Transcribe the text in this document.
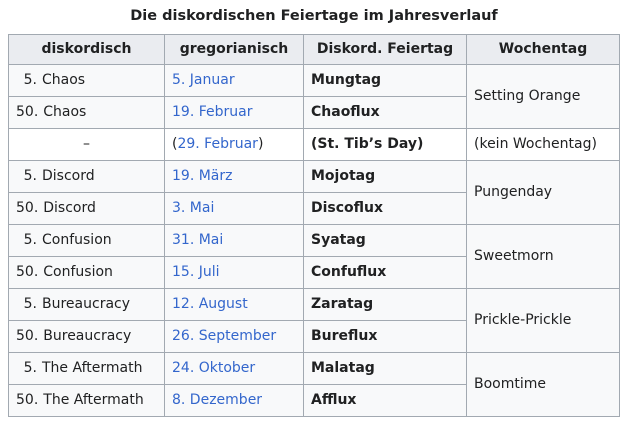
Die diskordischen Feiertage im Jahresverlauf
diskordisch	gregorianisch	Diskord. Feiertag	Wochentag
5. Chaos	5. Januar	Mungtag	Setting Orange
50. Chaos	19. Februar	Chaoflux	
–	(29. Februar)	(St. Tib’s Day)	(kein Wochentag)
5. Discord	19. März	Mojotag	Pungenday
50. Discord	3. Mai	Discoflux	
5. Confusion	31. Mai	Syatag	Sweetmorn
50. Confusion	15. Juli	Confuflux	
5. Bureaucracy	12. August	Zaratag	Prickle-Prickle
50. Bureaucracy	26. September	Bureflux	
5. The Aftermath	24. Oktober	Malatag	Boomtime
50. The Aftermath	8. Dezember	Afflux	
